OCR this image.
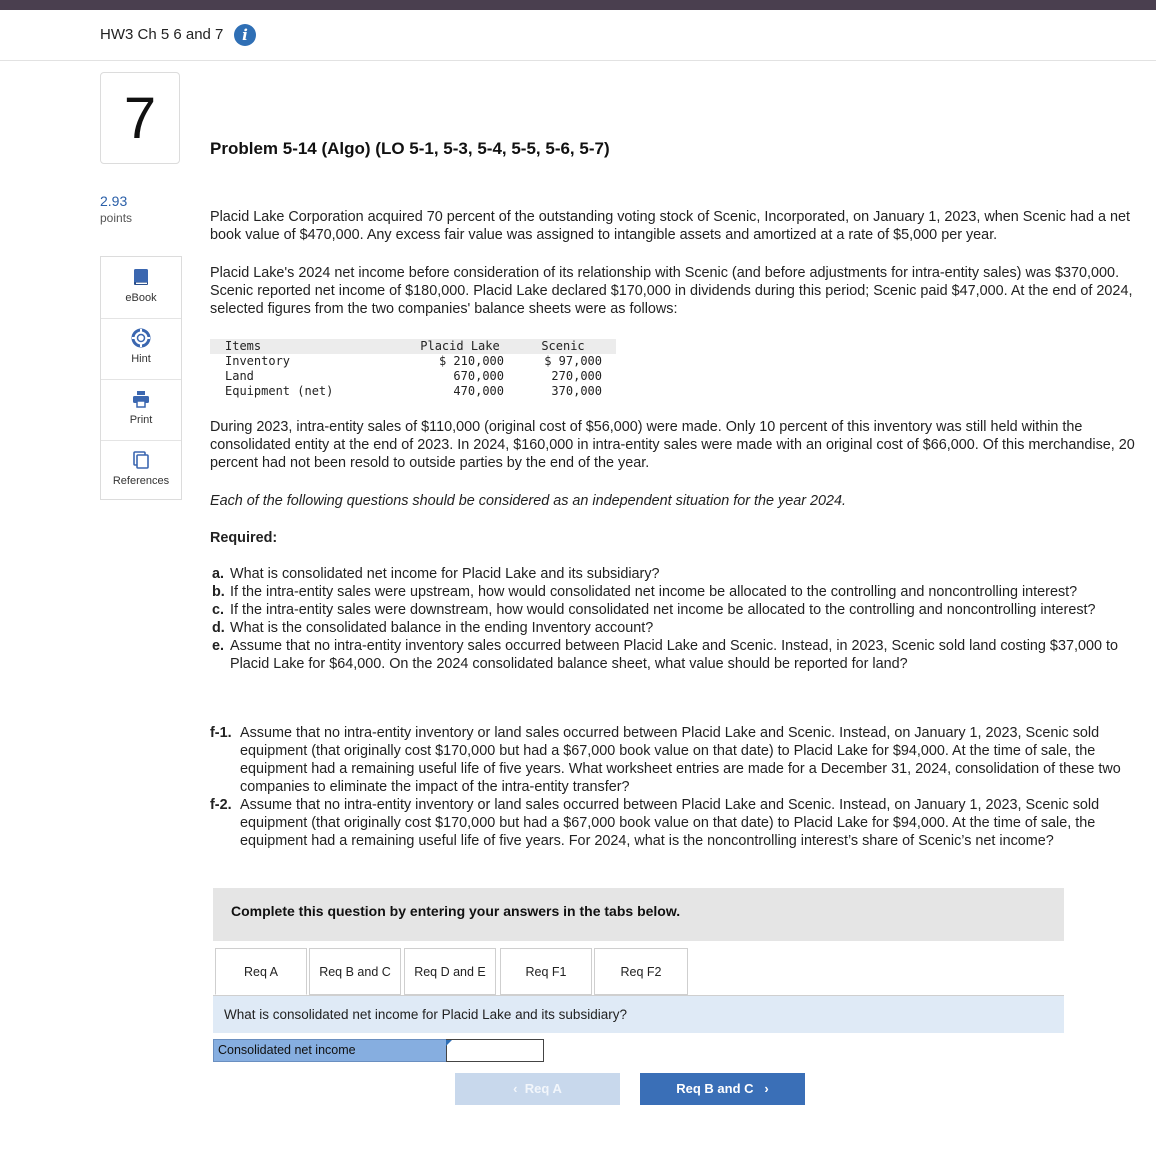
HW3 Ch 5 6 and 7	i
7
2.93
points
eBook
Hint
Print
References
Problem 5-14 (Algo) (LO 5-1, 5-3, 5-4, 5-5, 5-6, 5-7)

Placid Lake Corporation acquired 70 percent of the outstanding voting stock of Scenic, Incorporated, on January 1, 2023, when Scenic had a net book value of $470,000. Any excess fair value was assigned to intangible assets and amortized at a rate of $5,000 per year.

Placid Lake's 2024 net income before consideration of its relationship with Scenic (and before adjustments for intra-entity sales) was $370,000. Scenic reported net income of $180,000. Placid Lake declared $170,000 in dividends during this period; Scenic paid $47,000. At the end of 2024, selected figures from the two companies' balance sheets were as follows:

Items	Placid Lake	Scenic
Inventory	$ 210,000	$ 97,000
Land	670,000	270,000
Equipment (net)	470,000	370,000

During 2023, intra-entity sales of $110,000 (original cost of $56,000) were made. Only 10 percent of this inventory was still held within the consolidated entity at the end of 2023. In 2024, $160,000 in intra-entity sales were made with an original cost of $66,000. Of this merchandise, 20 percent had not been resold to outside parties by the end of the year.

Each of the following questions should be considered as an independent situation for the year 2024.

Required:
a. What is consolidated net income for Placid Lake and its subsidiary?
b. If the intra-entity sales were upstream, how would consolidated net income be allocated to the controlling and noncontrolling interest?
c. If the intra-entity sales were downstream, how would consolidated net income be allocated to the controlling and noncontrolling interest?
d. What is the consolidated balance in the ending Inventory account?
e. Assume that no intra-entity inventory sales occurred between Placid Lake and Scenic. Instead, in 2023, Scenic sold land costing $37,000 to Placid Lake for $64,000. On the 2024 consolidated balance sheet, what value should be reported for land?
f-1. Assume that no intra-entity inventory or land sales occurred between Placid Lake and Scenic. Instead, on January 1, 2023, Scenic sold equipment (that originally cost $170,000 but had a $67,000 book value on that date) to Placid Lake for $94,000. At the time of sale, the equipment had a remaining useful life of five years. What worksheet entries are made for a December 31, 2024, consolidation of these two companies to eliminate the impact of the intra-entity transfer?
f-2. Assume that no intra-entity inventory or land sales occurred between Placid Lake and Scenic. Instead, on January 1, 2023, Scenic sold equipment (that originally cost $170,000 but had a $67,000 book value on that date) to Placid Lake for $94,000. At the time of sale, the equipment had a remaining useful life of five years. For 2024, what is the noncontrolling interest’s share of Scenic’s net income?
Complete this question by entering your answers in the tabs below.
Req A	Req B and C	Req D and E	Req F1	Req F2
What is consolidated net income for Placid Lake and its subsidiary?
Consolidated net income
‹ Req A	Req B and C ›
